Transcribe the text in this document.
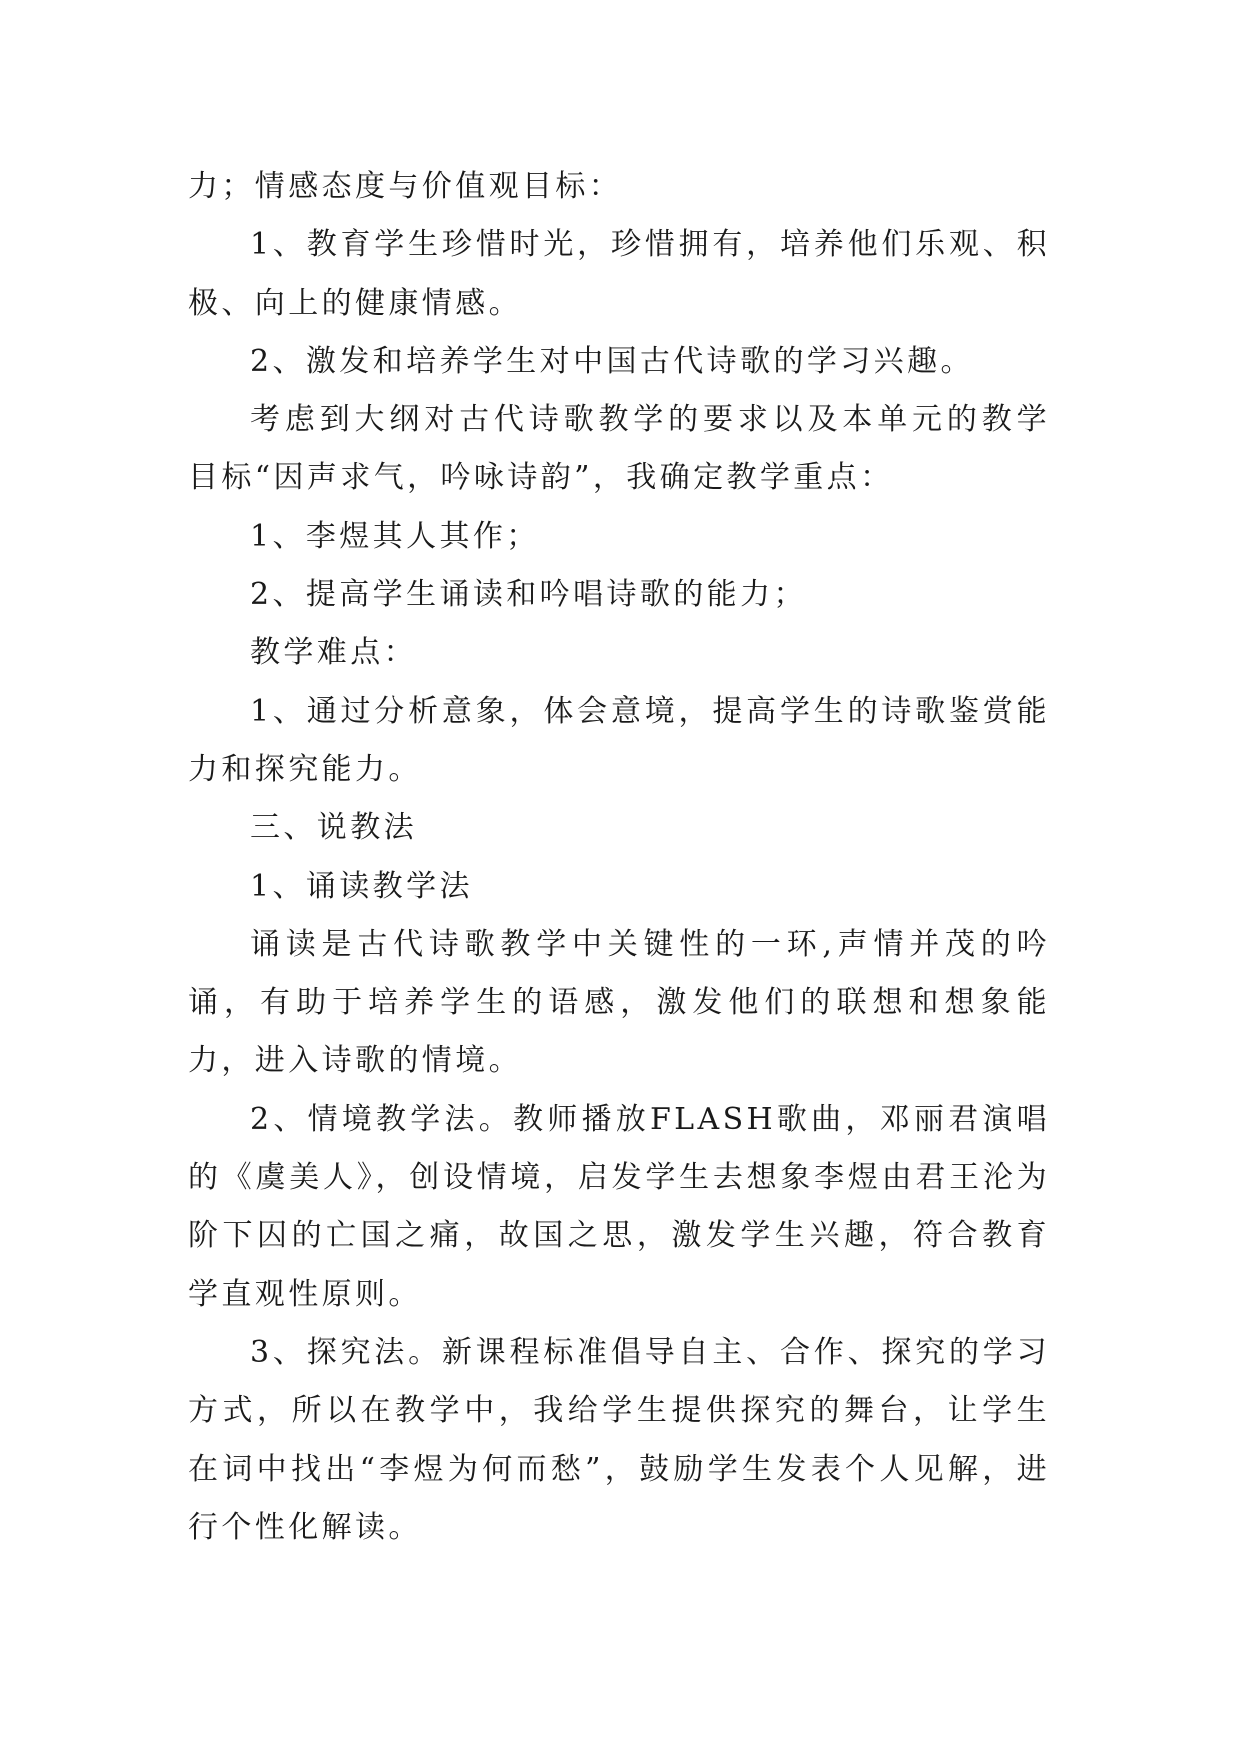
力；情感态度与价值观目标：

1、教育学生珍惜时光，珍惜拥有，培养他们乐观、积极、向上的健康情感。

2、激发和培养学生对中国古代诗歌的学习兴趣。

考虑到大纲对古代诗歌教学的要求以及本单元的教学目标“因声求气，吟咏诗韵”，我确定教学重点：

1、李煜其人其作；

2、提高学生诵读和吟唱诗歌的能力；

教学难点：

1、通过分析意象，体会意境，提高学生的诗歌鉴赏能力和探究能力。

三、说教法

1、诵读教学法

诵读是古代诗歌教学中关键性的一环,声情并茂的吟诵，有助于培养学生的语感，激发他们的联想和想象能力，进入诗歌的情境。

2、情境教学法。教师播放FLASH歌曲，邓丽君演唱的《虞美人》，创设情境，启发学生去想象李煜由君王沦为阶下囚的亡国之痛，故国之思，激发学生兴趣，符合教育学直观性原则。

3、探究法。新课程标准倡导自主、合作、探究的学习方式，所以在教学中，我给学生提供探究的舞台，让学生在词中找出“李煜为何而愁”，鼓励学生发表个人见解，进行个性化解读。
